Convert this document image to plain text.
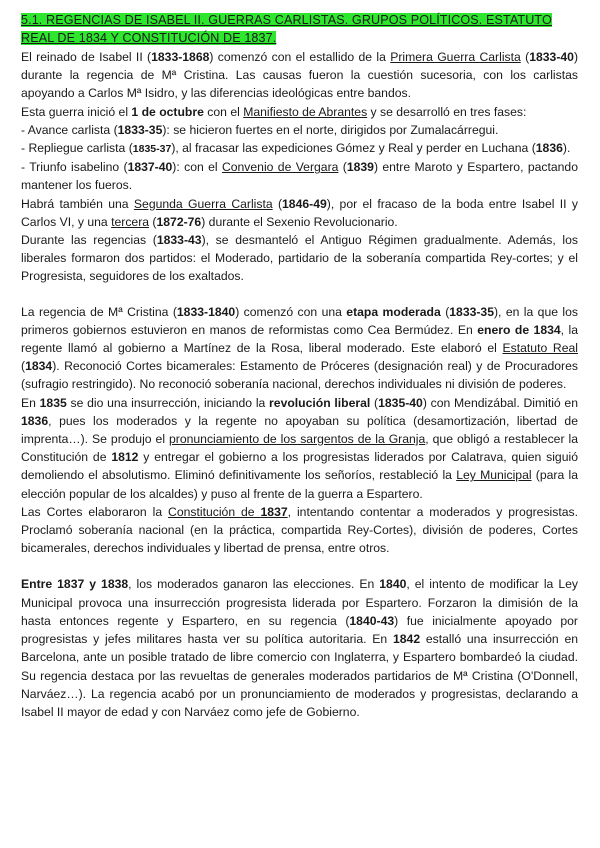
5.1. REGENCIAS DE ISABEL II. GUERRAS CARLISTAS. GRUPOS POLÍTICOS. ESTATUTO REAL DE 1834 Y CONSTITUCIÓN DE 1837.

El reinado de Isabel II (1833-1868) comenzó con el estallido de la Primera Guerra Carlista (1833-40) durante la regencia de Mª Cristina. Las causas fueron la cuestión sucesoria, con los carlistas apoyando a Carlos Mª Isidro, y las diferencias ideológicas entre bandos.

Esta guerra inició el 1 de octubre con el Manifiesto de Abrantes y se desarrolló en tres fases:

- Avance carlista (1833-35): se hicieron fuertes en el norte, dirigidos por Zumalacárregui.

- Repliegue carlista (1835-37), al fracasar las expediciones Gómez y Real y perder en Luchana (1836).

- Triunfo isabelino (1837-40): con el Convenio de Vergara (1839) entre Maroto y Espartero, pactando mantener los fueros.

Habrá también una Segunda Guerra Carlista (1846-49), por el fracaso de la boda entre Isabel II y Carlos VI, y una tercera (1872-76) durante el Sexenio Revolucionario.

Durante las regencias (1833-43), se desmanteló el Antiguo Régimen gradualmente. Además, los liberales formaron dos partidos: el Moderado, partidario de la soberanía compartida Rey-cortes; y el Progresista, seguidores de los exaltados.

La regencia de Mª Cristina (1833-1840) comenzó con una etapa moderada (1833-35), en la que los primeros gobiernos estuvieron en manos de reformistas como Cea Bermúdez. En enero de 1834, la regente llamó al gobierno a Martínez de la Rosa, liberal moderado. Este elaboró el Estatuto Real (1834). Reconoció Cortes bicamerales: Estamento de Próceres (designación real) y de Procuradores (sufragio restringido). No reconoció soberanía nacional, derechos individuales ni división de poderes.

En 1835 se dio una insurrección, iniciando la revolución liberal (1835-40) con Mendizábal. Dimitió en 1836, pues los moderados y la regente no apoyaban su política (desamortización, libertad de imprenta…). Se produjo el pronunciamiento de los sargentos de la Granja, que obligó a restablecer la Constitución de 1812 y entregar el gobierno a los progresistas liderados por Calatrava, quien siguió demoliendo el absolutismo. Eliminó definitivamente los señoríos, restableció la Ley Municipal (para la elección popular de los alcaldes) y puso al frente de la guerra a Espartero.

Las Cortes elaboraron la Constitución de 1837, intentando contentar a moderados y progresistas. Proclamó soberanía nacional (en la práctica, compartida Rey-Cortes), división de poderes, Cortes bicamerales, derechos individuales y libertad de prensa, entre otros.

Entre 1837 y 1838, los moderados ganaron las elecciones. En 1840, el intento de modificar la Ley Municipal provoca una insurrección progresista liderada por Espartero. Forzaron la dimisión de la hasta entonces regente y Espartero, en su regencia (1840-43) fue inicialmente apoyado por progresistas y jefes militares hasta ver su política autoritaria. En 1842 estalló una insurrección en Barcelona, ante un posible tratado de libre comercio con Inglaterra, y Espartero bombardeó la ciudad. Su regencia destaca por las revueltas de generales moderados partidarios de Mª Cristina (O'Donnell, Narváez…). La regencia acabó por un pronunciamiento de moderados y progresistas, declarando a Isabel II mayor de edad y con Narváez como jefe de Gobierno.
